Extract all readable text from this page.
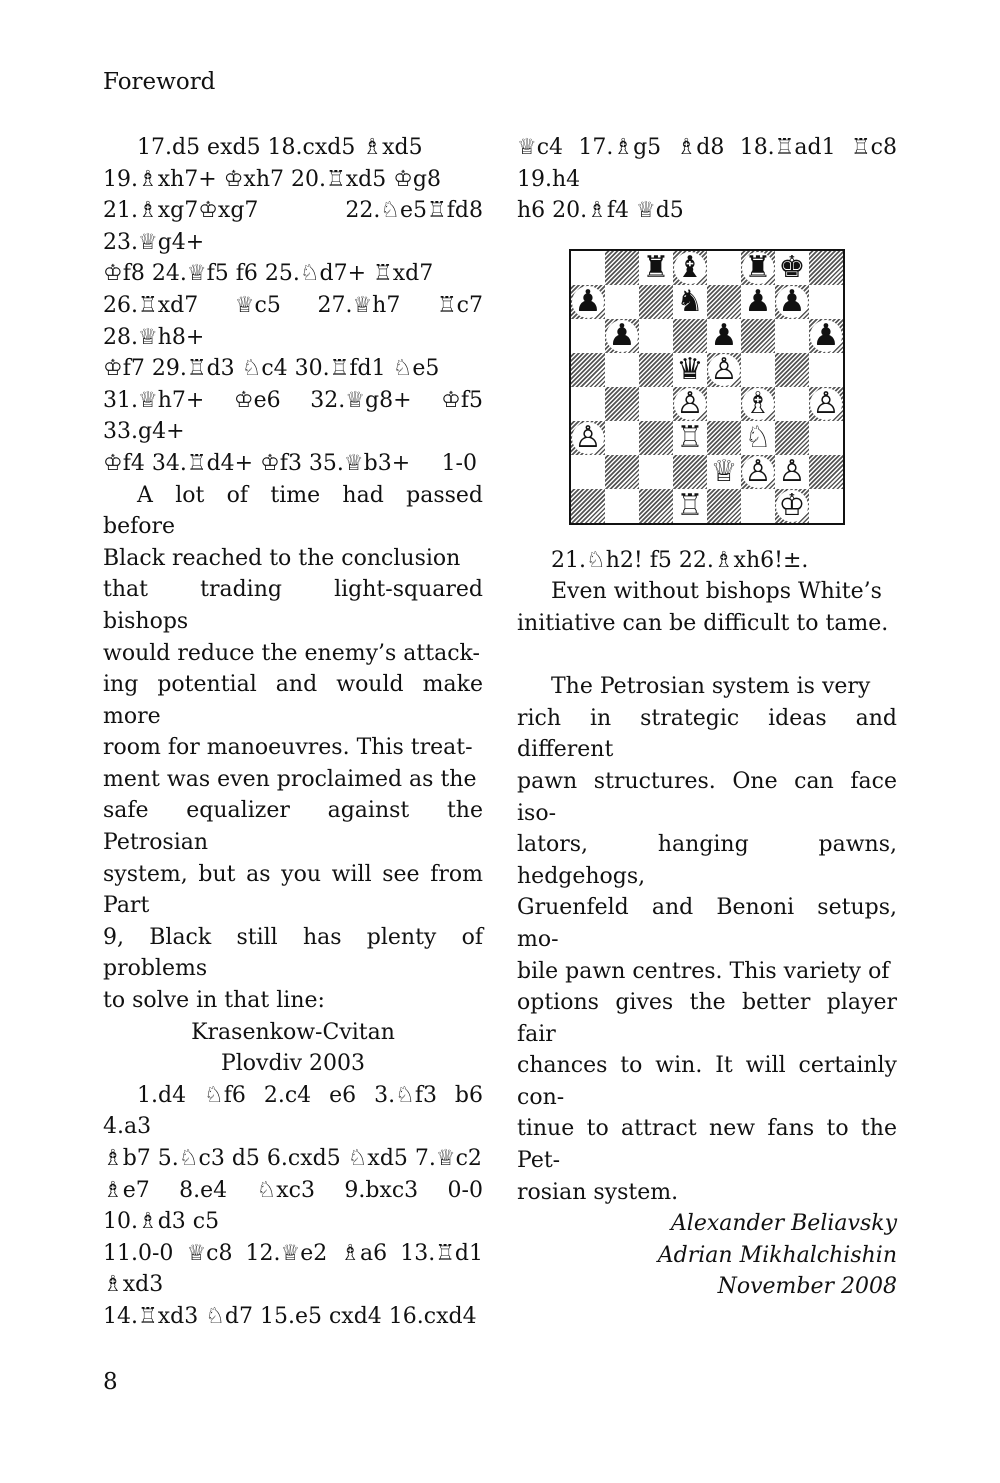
Foreword

17.d5 exd5 18.cxd5 ♗xd5

19.♗xh7+ ♔xh7 20.♖xd5 ♔g8

21.♗xg7♔xg7 22.♘e5♖fd8 23.♕g4+

♔f8 24.♕f5 f6 25.♘d7+ ♖xd7

26.♖xd7 ♕c5 27.♕h7 ♖c7 28.♕h8+

♔f7 29.♖d3 ♘c4 30.♖fd1 ♘e5

31.♕h7+ ♔e6 32.♕g8+ ♔f5 33.g4+

♔f4 34.♖d4+ ♔f3 35.♕b3+ 1-0

A lot of time had passed before

Black reached to the conclusion

that trading light-squared bishops

would reduce the enemy’s attack-

ing potential and would make more

room for manoeuvres. This treat-

ment was even proclaimed as the

safe equalizer against the Petrosian

system, but as you will see from Part

9, Black still has plenty of problems

to solve in that line:

Krasenkow-Cvitan

Plovdiv 2003

1.d4 ♘f6 2.c4 e6 3.♘f3 b6 4.a3

♗b7 5.♘c3 d5 6.cxd5 ♘xd5 7.♕c2

♗e7 8.e4 ♘xc3 9.bxc3 0-0 10.♗d3 c5

11.0-0 ♕c8 12.♕e2 ♗a6 13.♖d1 ♗xd3

14.♖xd3 ♘d7 15.e5 cxd4 16.cxd4

♕c4 17.♗g5 ♗d8 18.♖ad1 ♖c8 19.h4

h6 20.♗f4 ♕d5

♜ ♝ ♜ ♚
♟	♞ ♟ ♟
♟	♟	♟
♛ ♙
♙ ♗ ♙
♙	♖ ♘
♕ ♙ ♙
♖	♔

21.♘h2! f5 22.♗xh6!±.

Even without bishops White’s

initiative can be difficult to tame.

The Petrosian system is very

rich in strategic ideas and different

pawn structures. One can face iso-

lators, hanging pawns, hedgehogs,

Gruenfeld and Benoni setups, mo-

bile pawn centres. This variety of

options gives the better player fair

chances to win. It will certainly con-

tinue to attract new fans to the Pet-

rosian system.

Alexander Beliavsky

Adrian Mikhalchishin

November 2008

8
